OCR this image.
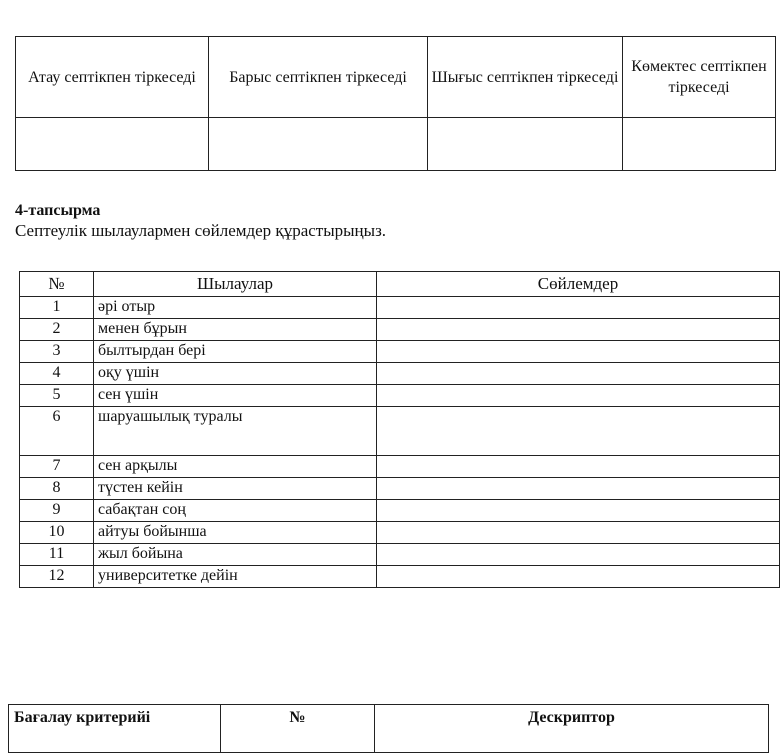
Атау септікпен тіркеседі	Барыс септікпен тіркеседі	Шығыс септікпен тіркеседі	Көмектес септікпен тіркеседі

4-тапсырма
Септеулік шылаулармен сөйлемдер құрастырыңыз.
№	Шылаулар	Сөйлемдер
1	әрі отыр	
2	менен бұрын	
3	былтырдан бері	
4	оқу үшін	
5	сен үшін	
6	шаруашылық туралы	
7	сен арқылы	
8	түстен кейін	
9	сабақтан соң	
10	айтуы бойынша	
11	жыл бойына	
12	университетке дейін	
Бағалау критерийі	№	Дескриптор
